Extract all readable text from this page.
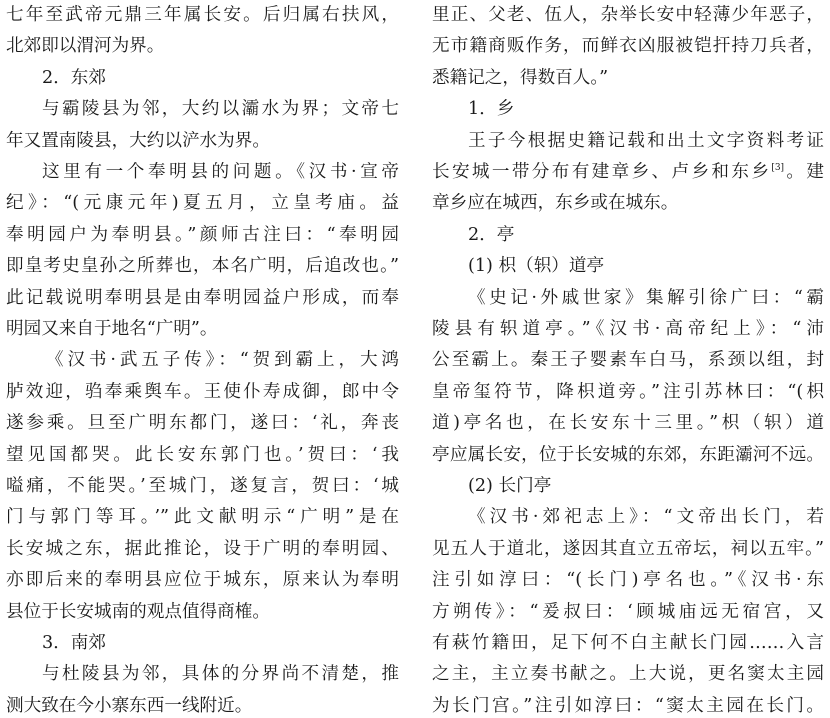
七年至武帝元鼎三年属长安。后归属右扶风，
北郊即以渭河为界。
2．东郊
与霸陵县为邻，大约以灞水为界；文帝七
年又置南陵县，大约以浐水为界。
这里有一个奉明县的问题。《汉书·宣帝
纪》：“(元康元年)夏五月，立皇考庙。益
奉明园户为奉明县。”颜师古注曰：“奉明园
即皇考史皇孙之所葬也，本名广明，后追改也。”
此记载说明奉明县是由奉明园益户形成，而奉
明园又来自于地名“广明”。
《汉书·武五子传》：“贺到霸上，大鸿
胪效迎，驺奉乘舆车。王使仆寿成御，郎中令
遂参乘。旦至广明东都门，遂曰：‘礼，奔丧
望见国都哭。此长安东郭门也。’贺曰：‘我
嗌痛，不能哭。’至城门，遂复言，贺曰：‘城
门与郭门等耳。’”此文献明示“广明”是在
长安城之东，据此推论，设于广明的奉明园、
亦即后来的奉明县应位于城东，原来认为奉明
县位于长安城南的观点值得商榷。
3．南郊
与杜陵县为邻，具体的分界尚不清楚，推
测大致在今小寨东西一线附近。
里正、父老、伍人，杂举长安中轻薄少年恶子，
无市籍商贩作务，而鲜衣凶服被铠扞持刀兵者，
悉籍记之，得数百人。”
1．乡
王子今根据史籍记载和出土文字资料考证
长安城一带分布有建章乡、卢乡和东乡[3]。建
章乡应在城西，东乡或在城东。
2．亭
(1) 枳（轵）道亭
《史记·外戚世家》集解引徐广曰：“霸
陵县有轵道亭。”《汉书·高帝纪上》：“沛
公至霸上。秦王子婴素车白马，系颈以组，封
皇帝玺符节，降枳道旁。”注引苏林曰：“(枳
道)亭名也，在长安东十三里。”枳（轵）道
亭应属长安，位于长安城的东郊，东距灞河不远。
(2) 长门亭
《汉书·郊祀志上》：“文帝出长门，若
见五人于道北，遂因其直立五帝坛，祠以五牢。”
注引如淳曰：“(长门)亭名也。”《汉书·东
方朔传》：“爰叔曰：‘顾城庙远无宿宫，又
有萩竹籍田，足下何不白主献长门园……入言
之主，主立奏书献之。上大说，更名窦太主园
为长门宫。”注引如淳曰：“窦太主园在长门。
